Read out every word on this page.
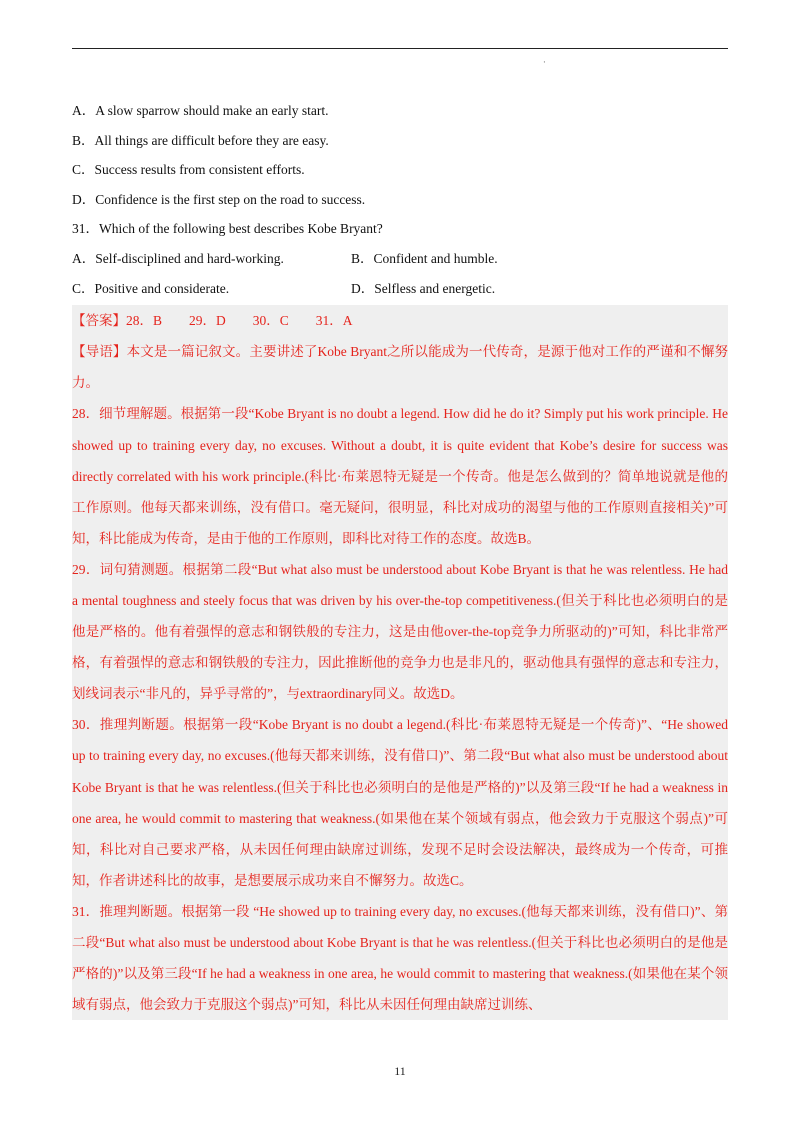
·
A．A slow sparrow should make an early start.
B．All things are difficult before they are easy.
C．Success results from consistent efforts.
D．Confidence is the first step on the road to success.
31．Which of the following best describes Kobe Bryant?
A．Self-disciplined and hard-working.	B．Confident and humble.
C．Positive and considerate.	D．Selfless and energetic.

【答案】28．B　　29．D　　30．C　　31．A

【导语】本文是一篇记叙文。主要讲述了Kobe Bryant之所以能成为一代传奇，是源于他对工作的严谨和不懈努力。

28．细节理解题。根据第一段“Kobe Bryant is no doubt a legend. How did he do it? Simply put his work principle. He showed up to training every day, no excuses. Without a doubt, it is quite evident that Kobe’s desire for success was directly correlated with his work principle.(科比·布莱恩特无疑是一个传奇。他是怎么做到的？简单地说就是他的工作原则。他每天都来训练，没有借口。毫无疑问，很明显，科比对成功的渴望与他的工作原则直接相关)”可知，科比能成为传奇，是由于他的工作原则，即科比对待工作的态度。故选B。

29．词句猜测题。根据第二段“But what also must be understood about Kobe Bryant is that he was relentless. He had a mental toughness and steely focus that was driven by his over-the-top competitiveness.(但关于科比也必须明白的是他是严格的。他有着强悍的意志和钢铁般的专注力，这是由他over-the-top竞争力所驱动的)”可知，科比非常严格，有着强悍的意志和钢铁般的专注力，因此推断他的竞争力也是非凡的，驱动他具有强悍的意志和专注力，划线词表示“非凡的，异乎寻常的”，与extraordinary同义。故选D。

30．推理判断题。根据第一段“Kobe Bryant is no doubt a legend.(科比·布莱恩特无疑是一个传奇)”、“He showed up to training every day, no excuses.(他每天都来训练，没有借口)”、第二段“But what also must be understood about Kobe Bryant is that he was relentless.(但关于科比也必须明白的是他是严格的)”以及第三段“If he had a weakness in one area, he would commit to mastering that weakness.(如果他在某个领域有弱点，他会致力于克服这个弱点)”可知，科比对自己要求严格，从未因任何理由缺席过训练，发现不足时会设法解决，最终成为一个传奇，可推知，作者讲述科比的故事，是想要展示成功来自不懈努力。故选C。

31．推理判断题。根据第一段 “He showed up to training every day, no excuses.(他每天都来训练，没有借口)”、第二段“But what also must be understood about Kobe Bryant is that he was relentless.(但关于科比也必须明白的是他是严格的)”以及第三段“If he had a weakness in one area, he would commit to mastering that weakness.(如果他在某个领域有弱点，他会致力于克服这个弱点)”可知，科比从未因任何理由缺席过训练、

11
